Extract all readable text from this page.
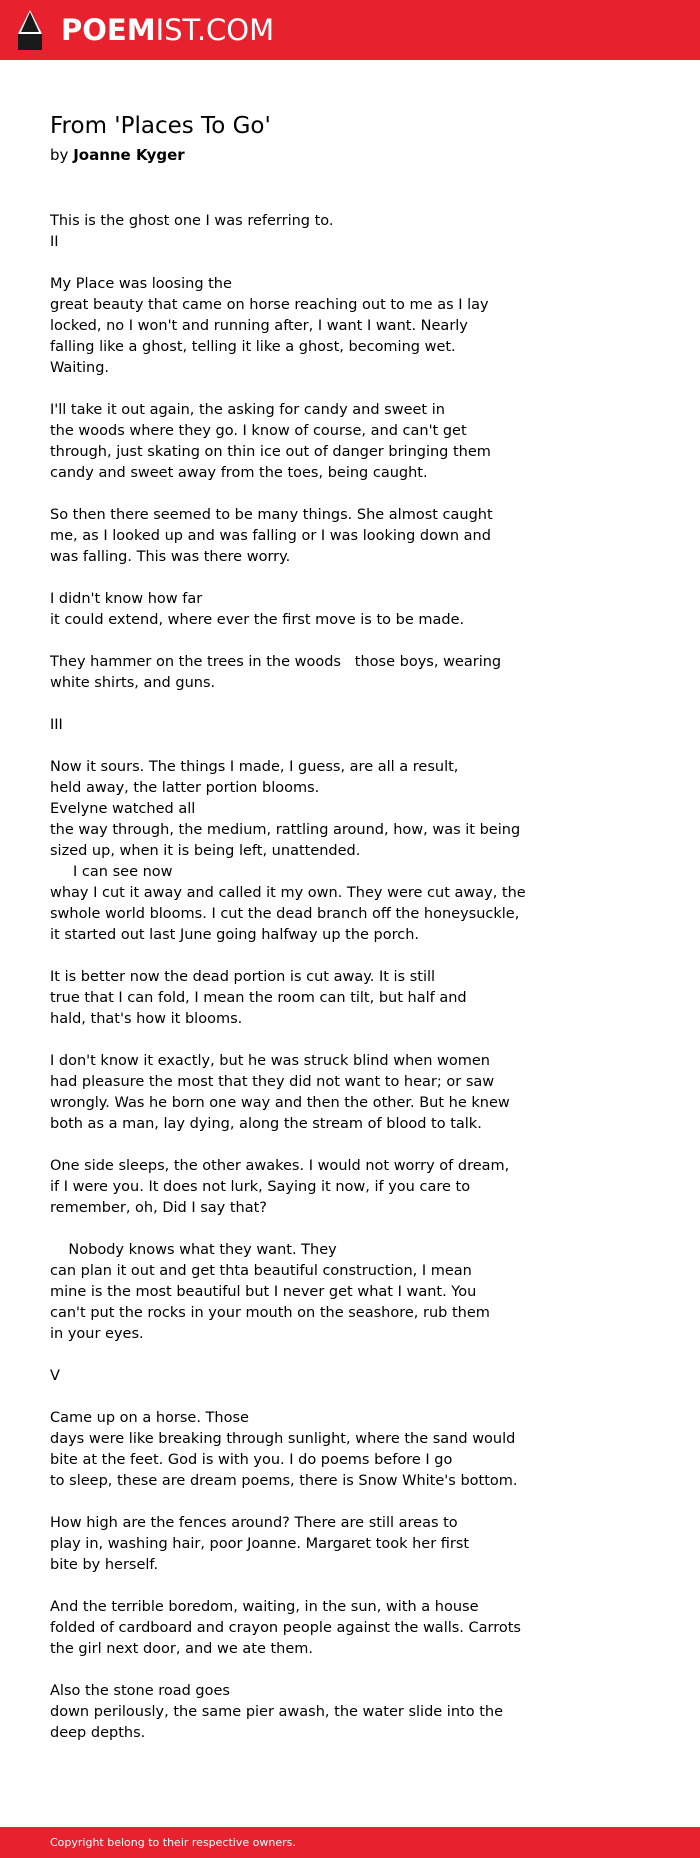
POEMIST.COM
From 'Places To Go'
by Joanne Kyger
This is the ghost one I was referring to.
II
My Place was loosing the
great beauty that came on horse reaching out to me as I lay
locked, no I won't and running after, I want I want. Nearly
falling like a ghost, telling it like a ghost, becoming wet.
Waiting.
I'll take it out again, the asking for candy and sweet in
the woods where they go. I know of course, and can't get
through, just skating on thin ice out of danger bringing them
candy and sweet away from the toes, being caught.
So then there seemed to be many things. She almost caught
me, as I looked up and was falling or I was looking down and
was falling. This was there worry.
I didn't know how far
it could extend, where ever the first move is to be made.
They hammer on the trees in the woods   those boys, wearing
white shirts, and guns.
III
Now it sours. The things I made, I guess, are all a result,
held away, the latter portion blooms.
Evelyne watched all
the way through, the medium, rattling around, how, was it being
sized up, when it is being left, unattended.
I can see now
whay I cut it away and called it my own. They were cut away, the
swhole world blooms. I cut the dead branch off the honeysuckle,
it started out last June going halfway up the porch.
It is better now the dead portion is cut away. It is still
true that I can fold, I mean the room can tilt, but half and
hald, that's how it blooms.
I don't know it exactly, but he was struck blind when women
had pleasure the most that they did not want to hear; or saw
wrongly. Was he born one way and then the other. But he knew
both as a man, lay dying, along the stream of blood to talk.
One side sleeps, the other awakes. I would not worry of dream,
if I were you. It does not lurk, Saying it now, if you care to
remember, oh, Did I say that?
Nobody knows what they want. They
can plan it out and get thta beautiful construction, I mean
mine is the most beautiful but I never get what I want. You
can't put the rocks in your mouth on the seashore, rub them
in your eyes.
V
Came up on a horse. Those
days were like breaking through sunlight, where the sand would
bite at the feet. God is with you. I do poems before I go
to sleep, these are dream poems, there is Snow White's bottom.
How high are the fences around? There are still areas to
play in, washing hair, poor Joanne. Margaret took her first
bite by herself.
And the terrible boredom, waiting, in the sun, with a house
folded of cardboard and crayon people against the walls. Carrots
the girl next door, and we ate them.
Also the stone road goes
down perilously, the same pier awash, the water slide into the
deep depths.
Copyright belong to their respective owners.
